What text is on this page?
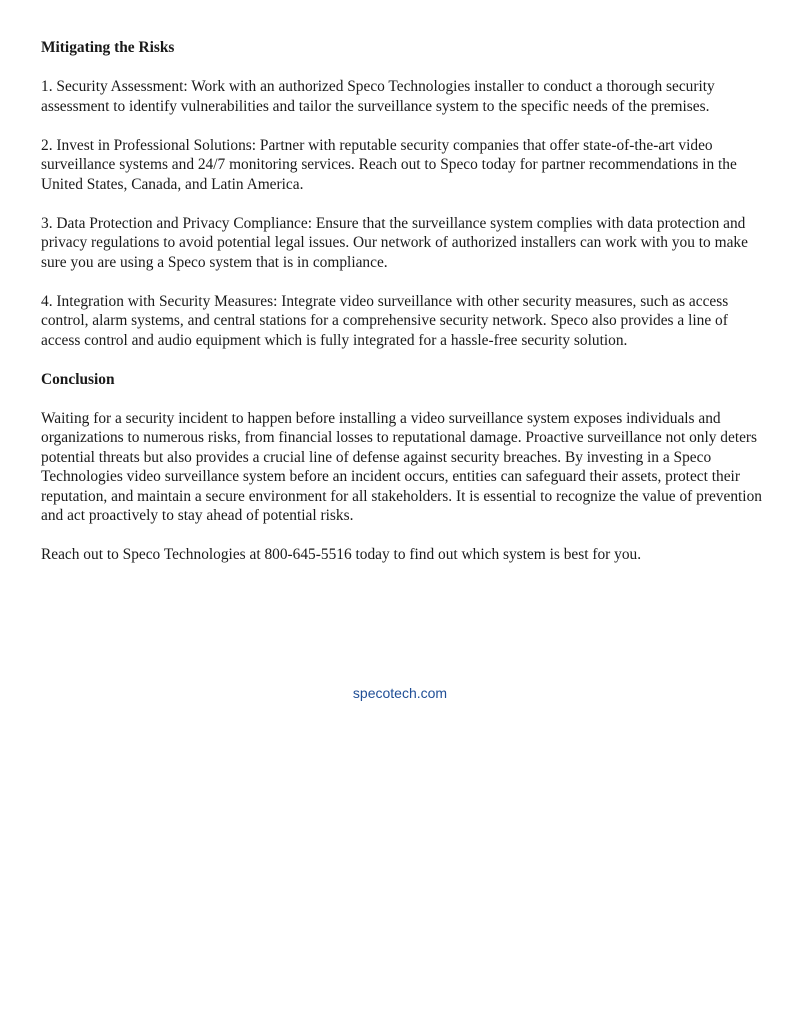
Mitigating the Risks

1. Security Assessment: Work with an authorized Speco Technologies installer to conduct a thorough security assessment to identify vulnerabilities and tailor the surveillance system to the specific needs of the premises.

2. Invest in Professional Solutions: Partner with reputable security companies that offer state-of-the-art video surveillance systems and 24/7 monitoring services. Reach out to Speco today for partner recommendations in the United States, Canada, and Latin America.

3. Data Protection and Privacy Compliance: Ensure that the surveillance system complies with data protection and privacy regulations to avoid potential legal issues. Our network of authorized installers can work with you to make sure you are using a Speco system that is in compliance.

4. Integration with Security Measures: Integrate video surveillance with other security measures, such as access control, alarm systems, and central stations for a comprehensive security network. Speco also provides a line of access control and audio equipment which is fully integrated for a hassle-free security solution.

Conclusion

Waiting for a security incident to happen before installing a video surveillance system exposes individuals and organizations to numerous risks, from financial losses to reputational damage. Proactive surveillance not only deters potential threats but also provides a crucial line of defense against security breaches. By investing in a Speco Technologies video surveillance system before an incident occurs, entities can safeguard their assets, protect their reputation, and maintain a secure environment for all stakeholders. It is essential to recognize the value of prevention and act proactively to stay ahead of potential risks.

Reach out to Speco Technologies at 800-645-5516 today to find out which system is best for you.

specotech.com
